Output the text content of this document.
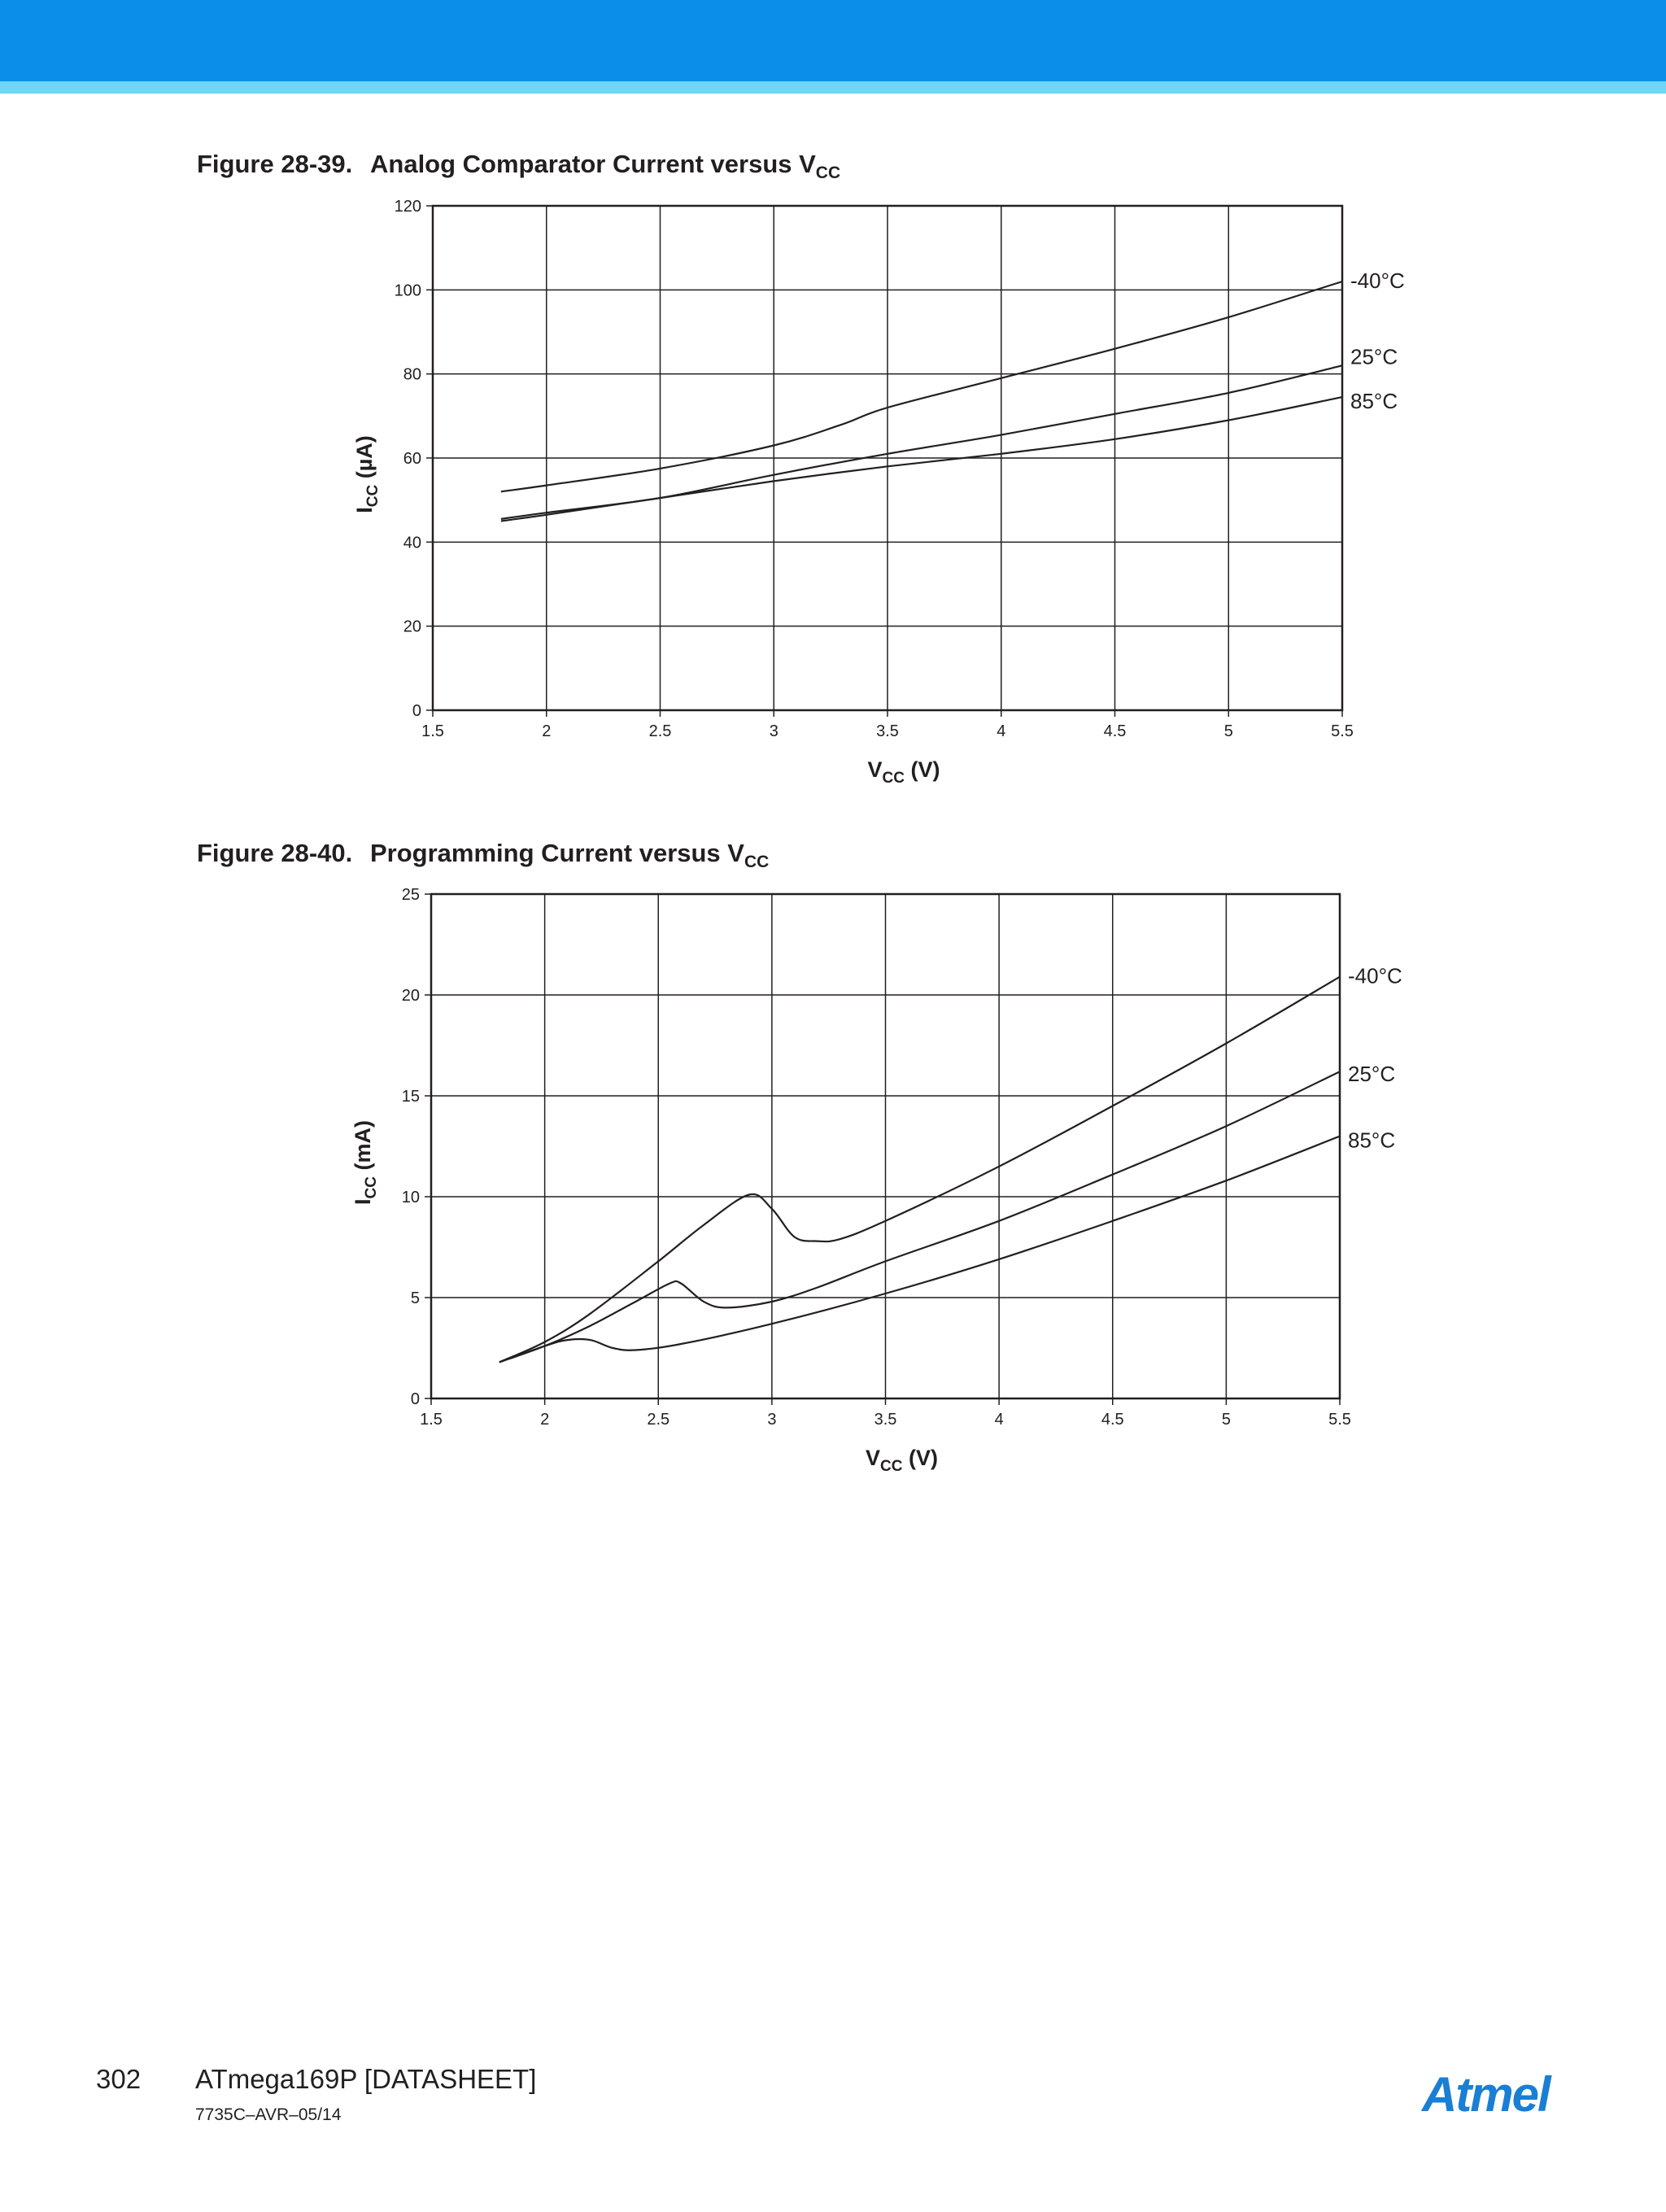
Figure 28-39. Analog Comparator Current versus $V_{CC}$
1.5	2	2.5	3	3.5	4	4.5	5	5.5
0
20
40
60
80
100
120
-40°C
25°C
85°C
VCC (V)
ICC (µA)
Figure 28-40. Programming Current versus $V_{CC}$
1.5	2	2.5	3	3.5	4	4.5	5	5.5
0
5
10
15
20
25
-40°C
25°C
85°C
VCC (V)
ICC (mA)
302 ATmega169P [DATASHEET]
7735C–AVR–05/14	Atmel
